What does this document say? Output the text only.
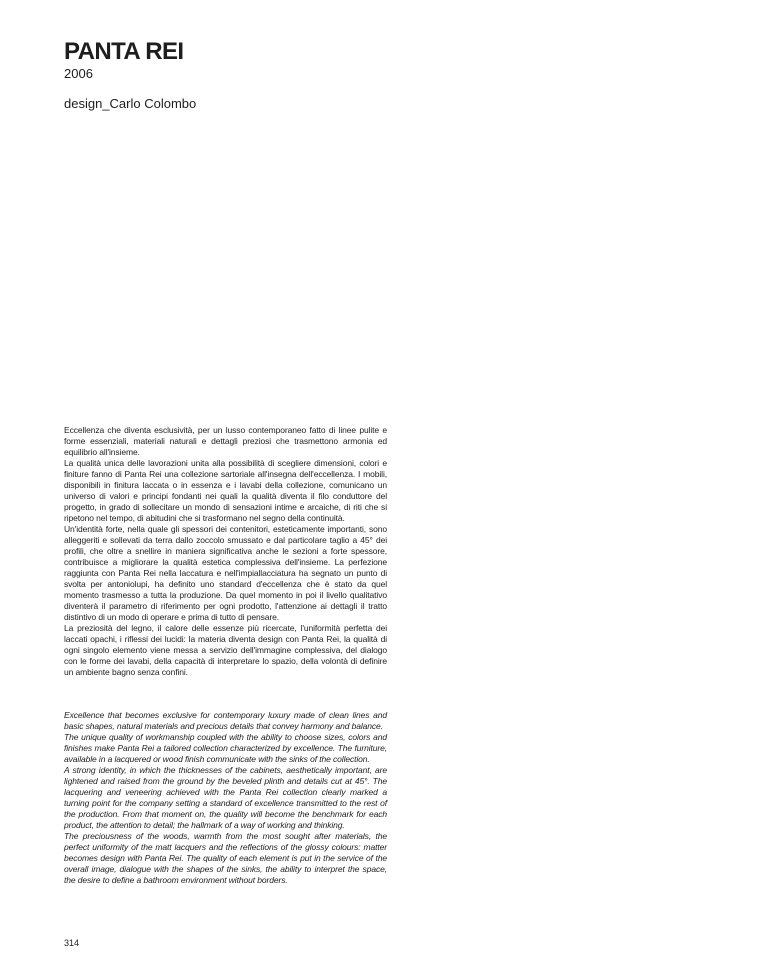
PANTA REI
2006
design_Carlo Colombo

Eccellenza che diventa esclusività, per un lusso contemporaneo fatto di linee pulite e forme essenziali, materiali naturali e dettagli preziosi che trasmettono armonia ed equilibrio all'insieme.

La qualità unica delle lavorazioni unita alla possibilità di scegliere dimensioni, colori e finiture fanno di Panta Rei una collezione sartoriale all'insegna dell'eccellenza. I mobili, disponibili in finitura laccata o in essenza e i lavabi della collezione, comunicano un universo di valori e principi fondanti nei quali la qualità diventa il filo conduttore del progetto, in grado di sollecitare un mondo di sensazioni intime e arcaiche, di riti che si ripetono nel tempo, di abitudini che si trasformano nel segno della continuità.

Un'identità forte, nella quale gli spessori dei contenitori, esteticamente importanti, sono alleggeriti e sollevati da terra dallo zoccolo smussato e dal particolare taglio a 45° dei profili, che oltre a snellire in maniera significativa anche le sezioni a forte spessore, contribuisce a migliorare la qualità estetica complessiva dell'insieme. La perfezione raggiunta con Panta Rei nella laccatura e nell'impiallacciatura ha segnato un punto di svolta per antoniolupi, ha definito uno standard d'eccellenza che è stato da quel momento trasmesso a tutta la produzione. Da quel momento in poi il livello qualitativo diventerà il parametro di riferimento per ogni prodotto, l'attenzione ai dettagli il tratto distintivo di un modo di operare e prima di tutto di pensare.

La preziosità del legno, il calore delle essenze più ricercate, l'uniformità perfetta dei laccati opachi, i riflessi dei lucidi: la materia diventa design con Panta Rei, la qualità di ogni singolo elemento viene messa a servizio dell'immagine complessiva, del dialogo con le forme dei lavabi, della capacità di interpretare lo spazio, della volontà di definire un ambiente bagno senza confini.

Excellence that becomes exclusive for contemporary luxury made of clean lines and basic shapes, natural materials and precious details that convey harmony and balance.

The unique quality of workmanship coupled with the ability to choose sizes, colors and finishes make Panta Rei a tailored collection characterized by excellence. The furniture, available in a lacquered or wood finish communicate with the sinks of the collection.

A strong identity, in which the thicknesses of the cabinets, aesthetically important, are lightened and raised from the ground by the beveled plinth and details cut at 45°. The lacquering and veneering achieved with the Panta Rei collection clearly marked a turning point for the company setting a standard of excellence transmitted to the rest of the production. From that moment on, the quality will become the benchmark for each product, the attention to detail; the hallmark of a way of working and thinking.

The preciousness of the woods, warmth from the most sought after materials, the perfect uniformity of the matt lacquers and the reflections of the glossy colours: matter becomes design with Panta Rei. The quality of each element is put in the service of the overall image, dialogue with the shapes of the sinks, the ability to interpret the space, the desire to define a bathroom environment without borders.

314
